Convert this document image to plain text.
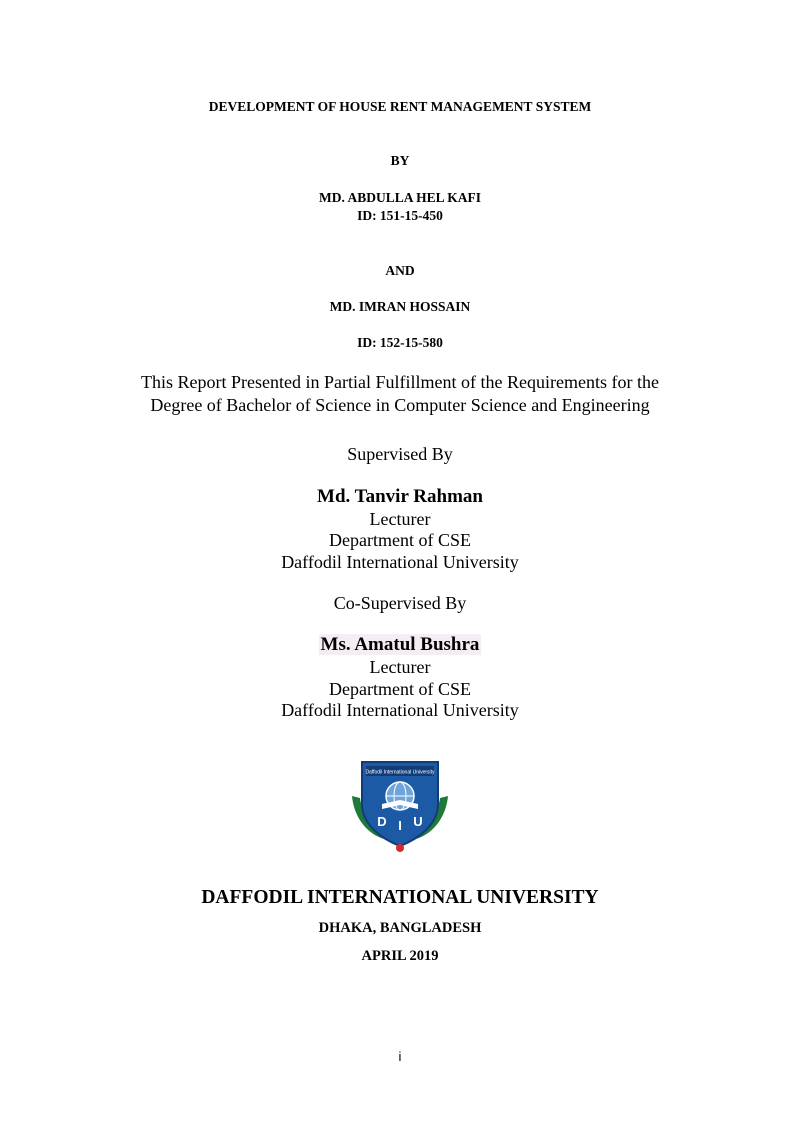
DEVELOPMENT OF HOUSE RENT MANAGEMENT SYSTEM
BY
MD. ABDULLA HEL KAFI
ID: 151-15-450
AND
MD. IMRAN HOSSAIN
ID: 152-15-580
This Report Presented in Partial Fulfillment of the Requirements for the
Degree of Bachelor of Science in Computer Science and Engineering
Supervised By
Md. Tanvir Rahman
Lecturer
Department of CSE
Daffodil International University
Co-Supervised By
Ms. Amatul Bushra
Lecturer
Department of CSE
Daffodil International University
Daffodil International University
D I U
DAFFODIL INTERNATIONAL UNIVERSITY
DHAKA, BANGLADESH
APRIL 2019
i
